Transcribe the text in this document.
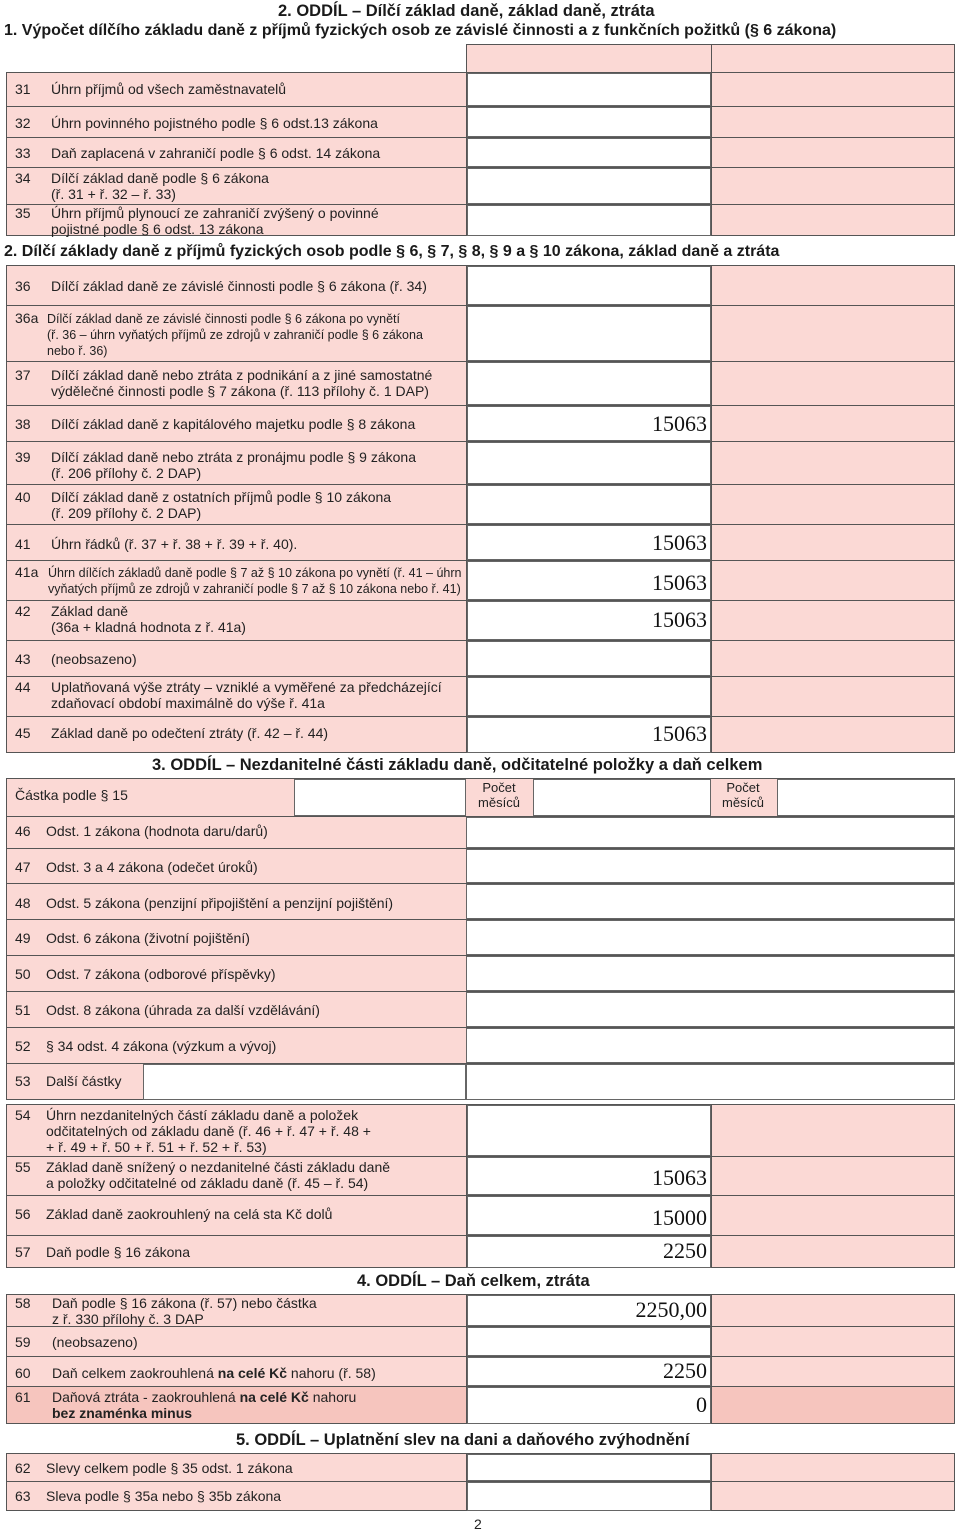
2. ODDÍL – Dílčí základ daně, základ daně, ztráta
1. Výpočet dílčího základu daně z příjmů fyzických osob ze závislé činnosti a z funkčních požitků (§ 6 zákona)
31 Úhrn příjmů od všech zaměstnavatelů
32 Úhrn povinného pojistného podle § 6 odst.13 zákona
33 Daň zaplacená v zahraničí podle § 6 odst. 14 zákona
34 Dílčí základ daně podle § 6 zákona
(ř. 31 + ř. 32 – ř. 33)
35 Úhrn příjmů plynoucí ze zahraničí zvýšený o povinné
pojistné podle § 6 odst. 13 zákona
2. Dílčí základy daně z příjmů fyzických osob podle § 6, § 7, § 8, § 9 a § 10 zákona, základ daně a ztráta
36 Dílčí základ daně ze závislé činnosti podle § 6 zákona (ř. 34)
36a Dílčí základ daně ze závislé činnosti podle § 6 zákona po vynětí
(ř. 36 – úhrn vyňatých příjmů ze zdrojů v zahraničí podle § 6 zákona
nebo ř. 36)
37 Dílčí základ daně nebo ztráta z podnikání a z jiné samostatné
výdělečné činnosti podle § 7 zákona (ř. 113 přílohy č. 1 DAP)
38 Dílčí základ daně z kapitálového majetku podle § 8 zákona
39 Dílčí základ daně nebo ztráta z pronájmu podle § 9 zákona
(ř. 206 přílohy č. 2 DAP)
40 Dílčí základ daně z ostatních příjmů podle § 10 zákona
(ř. 209 přílohy č. 2 DAP)
41 Úhrn řádků (ř. 37 + ř. 38 + ř. 39 + ř. 40).
41a Úhrn dílčích základů daně podle § 7 až § 10 zákona po vynětí (ř. 41 – úhrn
vyňatých příjmů ze zdrojů v zahraničí podle § 7 až § 10 zákona nebo ř. 41)
42 Základ daně
(36a + kladná hodnota z ř. 41a)
43 (neobsazeno)
44 Uplatňovaná výše ztráty – vzniklé a vyměřené za předcházející
zdaňovací období maximálně do výše ř. 41a
45 Základ daně po odečtení ztráty (ř. 42 – ř. 44)
15063
15063
15063
15063
15063
3. ODDÍL – Nezdanitelné části základu daně, odčitatelné položky a daň celkem
Částka podle § 15	Počet
měsíců
Počet
měsíců
46 Odst. 1 zákona (hodnota daru/darů)
47 Odst. 3 a 4 zákona (odečet úroků)
48 Odst. 5 zákona (penzijní připojištění a penzijní pojištění)
49 Odst. 6 zákona (životní pojištění)
50 Odst. 7 zákona (odborové příspěvky)
51 Odst. 8 zákona (úhrada za další vzdělávání)
52 § 34 odst. 4 zákona (výzkum a vývoj)
53 Další částky
54 Úhrn nezdanitelných částí základu daně a položek
odčitatelných od základu daně (ř. 46 + ř. 47 + ř. 48 +
+ ř. 49 + ř. 50 + ř. 51 + ř. 52 + ř. 53)
55 Základ daně snížený o nezdanitelné části základu daně
a položky odčitatelné od základu daně (ř. 45 – ř. 54)
56 Základ daně zaokrouhlený na celá sta Kč dolů
57 Daň podle § 16 zákona
15063
15000
2250
4. ODDÍL – Daň celkem, ztráta
58 Daň podle § 16 zákona (ř. 57) nebo částka
z ř. 330 přílohy č. 3 DAP
59 (neobsazeno)
60 Daň celkem zaokrouhlená na celé Kč nahoru (ř. 58)
61 Daňová ztráta - zaokrouhlená na celé Kč nahoru
bez znaménka minus
2250,00
2250
0
5. ODDÍL – Uplatnění slev na dani a daňového zvýhodnění
62 Slevy celkem podle § 35 odst. 1 zákona
63 Sleva podle § 35a nebo § 35b zákona
2
